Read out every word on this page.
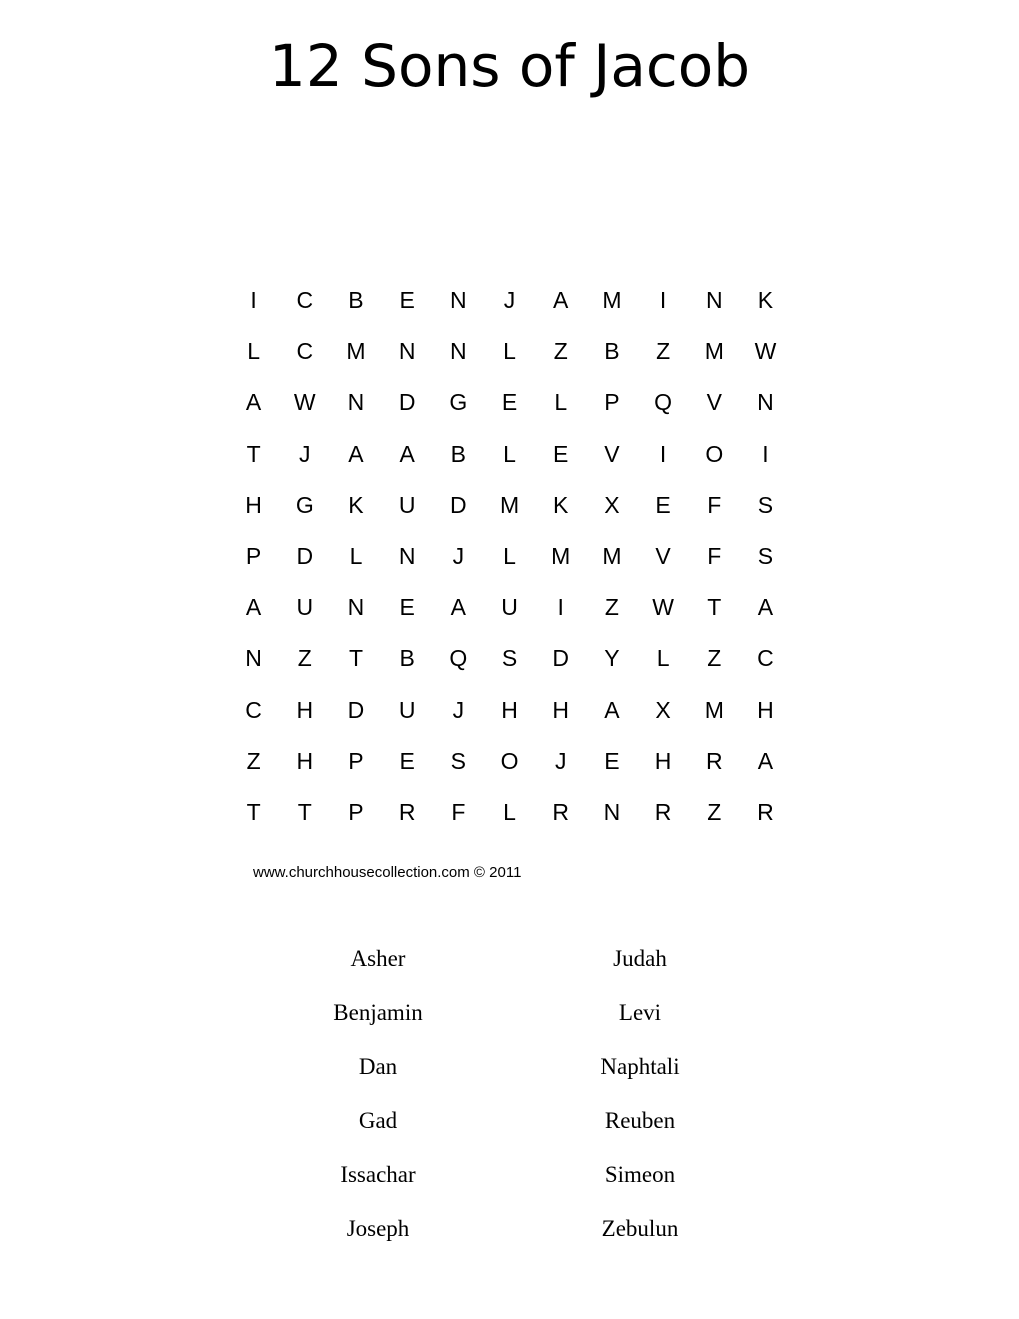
12 Sons of Jacob
I	C	B	E	N	J	A	M	I	N	K
L	C	M	N	N	L	Z	B	Z	M	W
A	W	N	D	G	E	L	P	Q	V	N
T	J	A	A	B	L	E	V	I	O	I
H	G	K	U	D	M	K	X	E	F	S
P	D	L	N	J	L	M	M	V	F	S
A	U	N	E	A	U	I	Z	W	T	A
N	Z	T	B	Q	S	D	Y	L	Z	C
C	H	D	U	J	H	H	A	X	M	H
Z	H	P	E	S	O	J	E	H	R	A
T	T	P	R	F	L	R	N	R	Z	R
www.churchhousecollection.com © 2011
Asher
Benjamin
Dan
Gad
Issachar
Joseph
Judah
Levi
Naphtali
Reuben
Simeon
Zebulun
